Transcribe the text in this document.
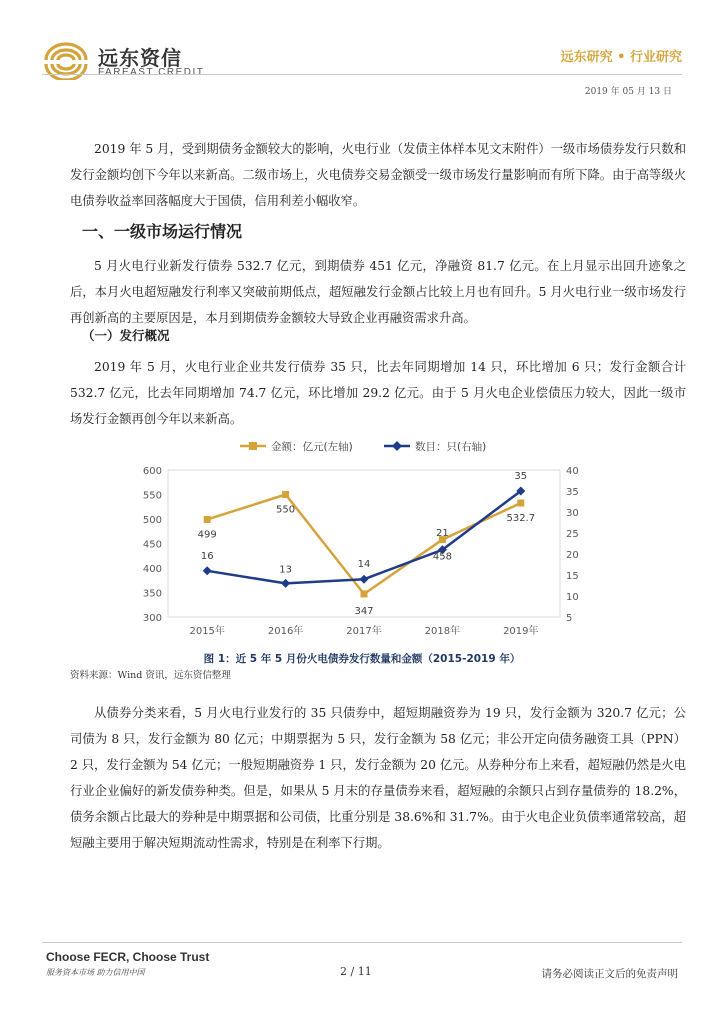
远东资信
FAREAST CREDIT
远东研究 • 行业研究
2019 年 05 月 13 日

2019 年 5 月，受到期债务金额较大的影响，火电行业（发债主体样本见文末附件）一级市场债券发行只数和发行金额均创下今年以来新高。二级市场上，火电债券交易金额受一级市场发行量影响而有所下降。由于高等级火电债券收益率回落幅度大于国债，信用利差小幅收窄。

一、一级市场运行情况

5 月火电行业新发行债券 532.7 亿元，到期债券 451 亿元，净融资 81.7 亿元。在上月显示出回升迹象之后，本月火电超短融发行利率又突破前期低点，超短融发行金额占比较上月也有回升。5 月火电行业一级市场发行再创新高的主要原因是，本月到期债券金额较大导致企业再融资需求升高。

（一）发行概况

2019 年 5 月，火电行业企业共发行债券 35 只，比去年同期增加 14 只，环比增加 6 只；发行金额合计 532.7 亿元，比去年同期增加 74.7 亿元，环比增加 29.2 亿元。由于 5 月火电企业偿债压力较大，因此一级市场发行金额再创今年以来新高。

300
350
400
450
500
550
600
5
10
15
20
25
30
35
40
2015年	2016年	2017年	2018年	2019年
金额：亿元(左轴)	数目：只(右轴)
499
550
347
458
532.7
16
13	14
21
35
图 1：近 5 年 5 月份火电债券发行数量和金额（2015-2019 年）
资料来源：Wind 资讯，远东资信整理

从债券分类来看，5 月火电行业发行的 35 只债券中，超短期融资券为 19 只，发行金额为 320.7 亿元；公司债为 8 只，发行金额为 80 亿元；中期票据为 5 只，发行金额为 58 亿元；非公开定向债务融资工具（PPN）2 只，发行金额为 54 亿元；一般短期融资券 1 只，发行金额为 20 亿元。从券种分布上来看，超短融仍然是火电行业企业偏好的新发债券种类。但是，如果从 5 月末的存量债券来看，超短融的余额只占到存量债券的 18.2%，债务余额占比最大的券种是中期票据和公司债，比重分别是 38.6%和 31.7%。由于火电企业负债率通常较高，超短融主要用于解决短期流动性需求，特别是在利率下行期。

Choose FECR, Choose Trust
服务资本市场 助力信用中国	2 / 11	请务必阅读正文后的免责声明
